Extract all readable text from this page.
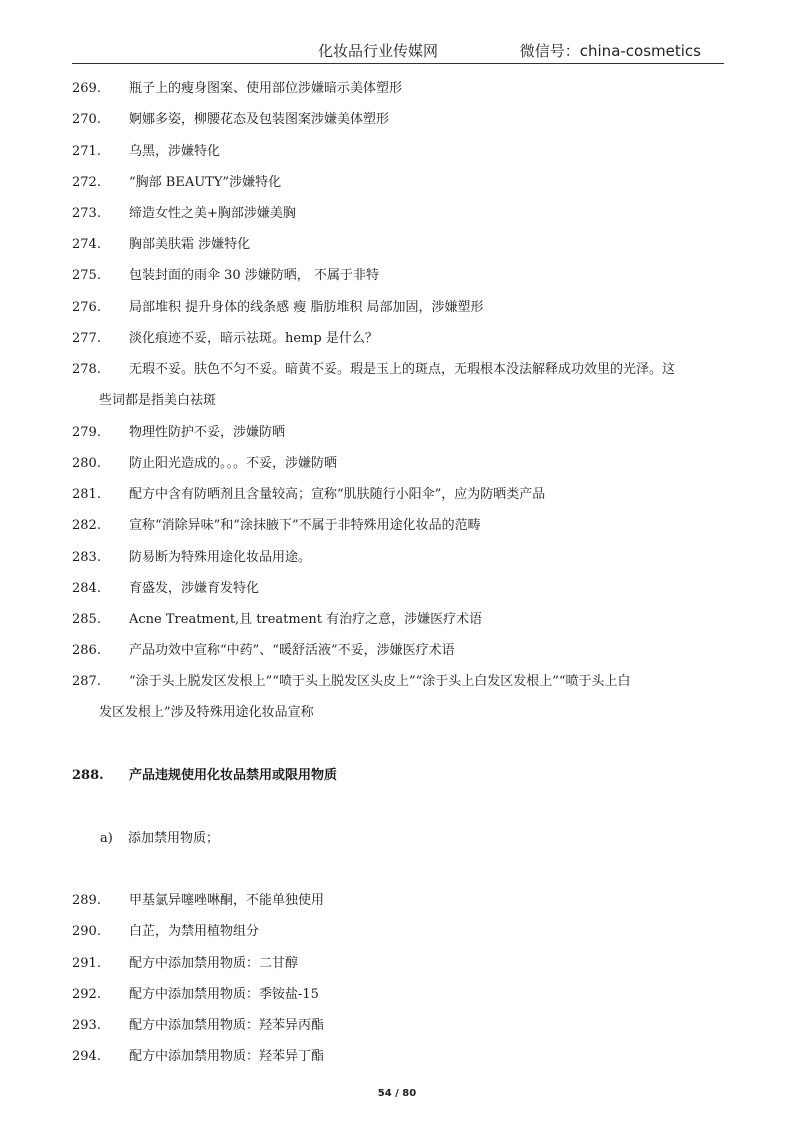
化妆品行业传媒网	微信号：china-cosmetics
269.	瓶子上的瘦身图案、使用部位涉嫌暗示美体塑形
270.	婀娜多姿，柳腰花态及包装图案涉嫌美体塑形
271.	乌黑，涉嫌特化
272.	“胸部 BEAUTY”涉嫌特化
273.	缔造女性之美+胸部涉嫌美胸
274.	胸部美肤霜 涉嫌特化
275.	包装封面的雨伞 30 涉嫌防晒， 不属于非特
276.	局部堆积 提升身体的线条感 瘦 脂肪堆积 局部加固，涉嫌塑形
277.	淡化痕迹不妥，暗示祛斑。hemp 是什么？
278. 无瑕不妥。肤色不匀不妥。暗黄不妥。瑕是玉上的斑点，无瑕根本没法解释成功效里的光泽。这
些词都是指美白祛斑
279.	物理性防护不妥，涉嫌防晒
280.	防止阳光造成的。。。不妥，涉嫌防晒
281.	配方中含有防晒剂且含量较高；宣称“肌肤随行小阳伞”，应为防晒类产品
282.	宣称“消除异味”和“涂抹腋下”不属于非特殊用途化妆品的范畴
283.	防易断为特殊用途化妆品用途。
284.	育盛发，涉嫌育发特化
285.	Acne Treatment,且 treatment 有治疗之意，涉嫌医疗术语
286.	产品功效中宣称“中药”、“暖舒活液”不妥，涉嫌医疗术语
287. “涂于头上脱发区发根上”“喷于头上脱发区头皮上”“涂于头上白发区发根上”“喷于头上白
发区发根上”涉及特殊用途化妆品宣称
288.	产品违规使用化妆品禁用或限用物质
a) 添加禁用物质；
289.	甲基氯异噻唑啉酮，不能单独使用
290.	白芷，为禁用植物组分
291.	配方中添加禁用物质：二甘醇
292.	配方中添加禁用物质：季铵盐-15
293.	配方中添加禁用物质：羟苯异丙酯
294.	配方中添加禁用物质：羟苯异丁酯
54 / 80
